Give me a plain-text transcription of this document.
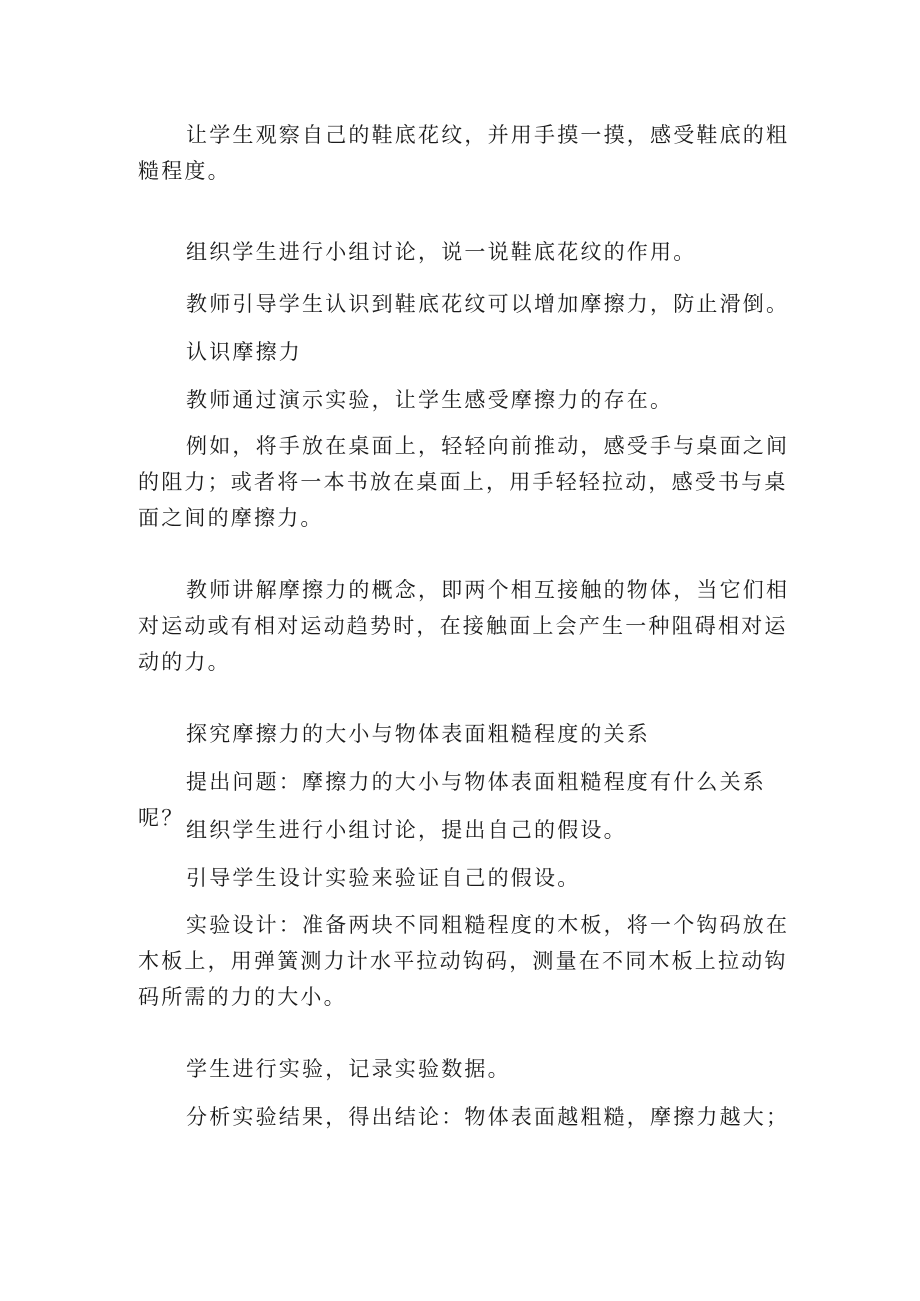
让学生观察自己的鞋底花纹，并用手摸一摸，感受鞋底的粗糙程度。

组织学生进行小组讨论，说一说鞋底花纹的作用。

教师引导学生认识到鞋底花纹可以增加摩擦力，防止滑倒。

认识摩擦力

教师通过演示实验，让学生感受摩擦力的存在。

例如，将手放在桌面上，轻轻向前推动，感受手与桌面之间的阻力；或者将一本书放在桌面上，用手轻轻拉动，感受书与桌面之间的摩擦力。

教师讲解摩擦力的概念，即两个相互接触的物体，当它们相对运动或有相对运动趋势时，在接触面上会产生一种阻碍相对运动的力。

探究摩擦力的大小与物体表面粗糙程度的关系

提出问题：摩擦力的大小与物体表面粗糙程度有什么关系呢？ 组织学生进行小组讨论，提出自己的假设。

引导学生设计实验来验证自己的假设。

实验设计：准备两块不同粗糙程度的木板，将一个钩码放在木板上，用弹簧测力计水平拉动钩码，测量在不同木板上拉动钩码所需的力的大小。

学生进行实验，记录实验数据。

分析实验结果，得出结论：物体表面越粗糙，摩擦力越大；
